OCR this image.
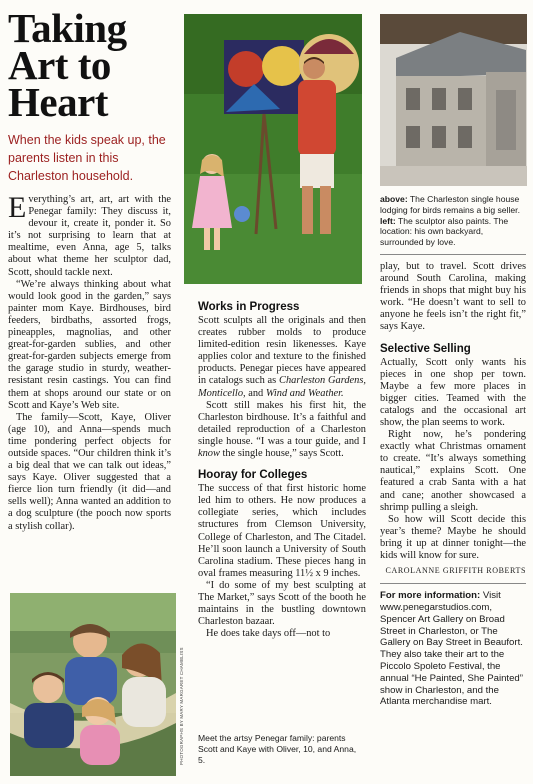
Taking Art to Heart
When the kids speak up, the parents listen in this Charleston household.

Everything’s art, art, art with the Penegar family: They discuss it, devour it, create it, ponder it. So it’s not surprising to learn that at mealtime, even Anna, age 5, talks about what theme her sculptor dad, Scott, should tackle next.

“We’re always thinking about what would look good in the garden,” says painter mom Kaye. Birdhouses, bird feeders, birdbaths, assorted frogs, pineapples, magnolias, and other great-for-garden sublies, and other great-for-garden subjects emerge from the garage studio in sturdy, weather-resistant resin castings. You can find them at shops around our state or on Scott and Kaye’s Web site.

The family—Scott, Kaye, Oliver (age 10), and Anna—spends much time pondering perfect objects for outside spaces. “Our children think it’s a big deal that we can talk out ideas,” says Kaye. Oliver suggested that a fierce lion turn friendly (it did—and sells well); Anna wanted an addition to a dog sculpture (the pooch now sports a stylish collar).

PHOTOGRAPHS BY MARY MARGARET CHAMBLISS
Works in Progress

Scott sculpts all the originals and then creates rubber molds to produce limited-edition resin likenesses. Kaye applies color and texture to the finished products. Penegar pieces have appeared in catalogs such as Charleston Gardens, Monticello, and Wind and Weather.

Scott still makes his first hit, the Charleston birdhouse. It’s a faithful and detailed reproduction of a Charleston single house. “I was a tour guide, and I know the single house,” says Scott.

Hooray for Colleges

The success of that first historic home led him to others. He now produces a collegiate series, which includes structures from Clemson University, College of Charleston, and The Citadel. He’ll soon launch a University of South Carolina stadium. These pieces hang in oval frames measuring 11½ x 9 inches.

“I do some of my best sculpting at The Market,” says Scott of the booth he maintains in the bustling downtown Charleston bazaar.

He does take days off—not to

Meet the artsy Penegar family: parents Scott and Kaye with Oliver, 10, and Anna, 5.
above: The Charleston single house lodging for birds remains a big seller. left: The sculptor also paints. The location: his own backyard, surrounded by love.

play, but to travel. Scott drives around South Carolina, making friends in shops that might buy his work. “He doesn’t want to sell to anyone he feels isn’t the right fit,” says Kaye.

Selective Selling

Actually, Scott only wants his pieces in one shop per town. Maybe a few more places in bigger cities. Teamed with the catalogs and the occasional art show, the plan seems to work.

Right now, he’s pondering exactly what Christmas ornament to create. “It’s always something nautical,” explains Scott. One featured a crab Santa with a hat and cane; another showcased a shrimp pulling a sleigh.

So how will Scott decide this year’s theme? Maybe he should bring it up at dinner tonight—the kids will know for sure.

CAROLANNE GRIFFITH ROBERTS
For more information: Visit www.penegarstudios.com, Spencer Art Gallery on Broad Street in Charleston, or The Gallery on Bay Street in Beaufort. They also take their art to the Piccolo Spoleto Festival, the annual “He Painted, She Painted” show in Charleston, and the Atlanta merchandise mart.
